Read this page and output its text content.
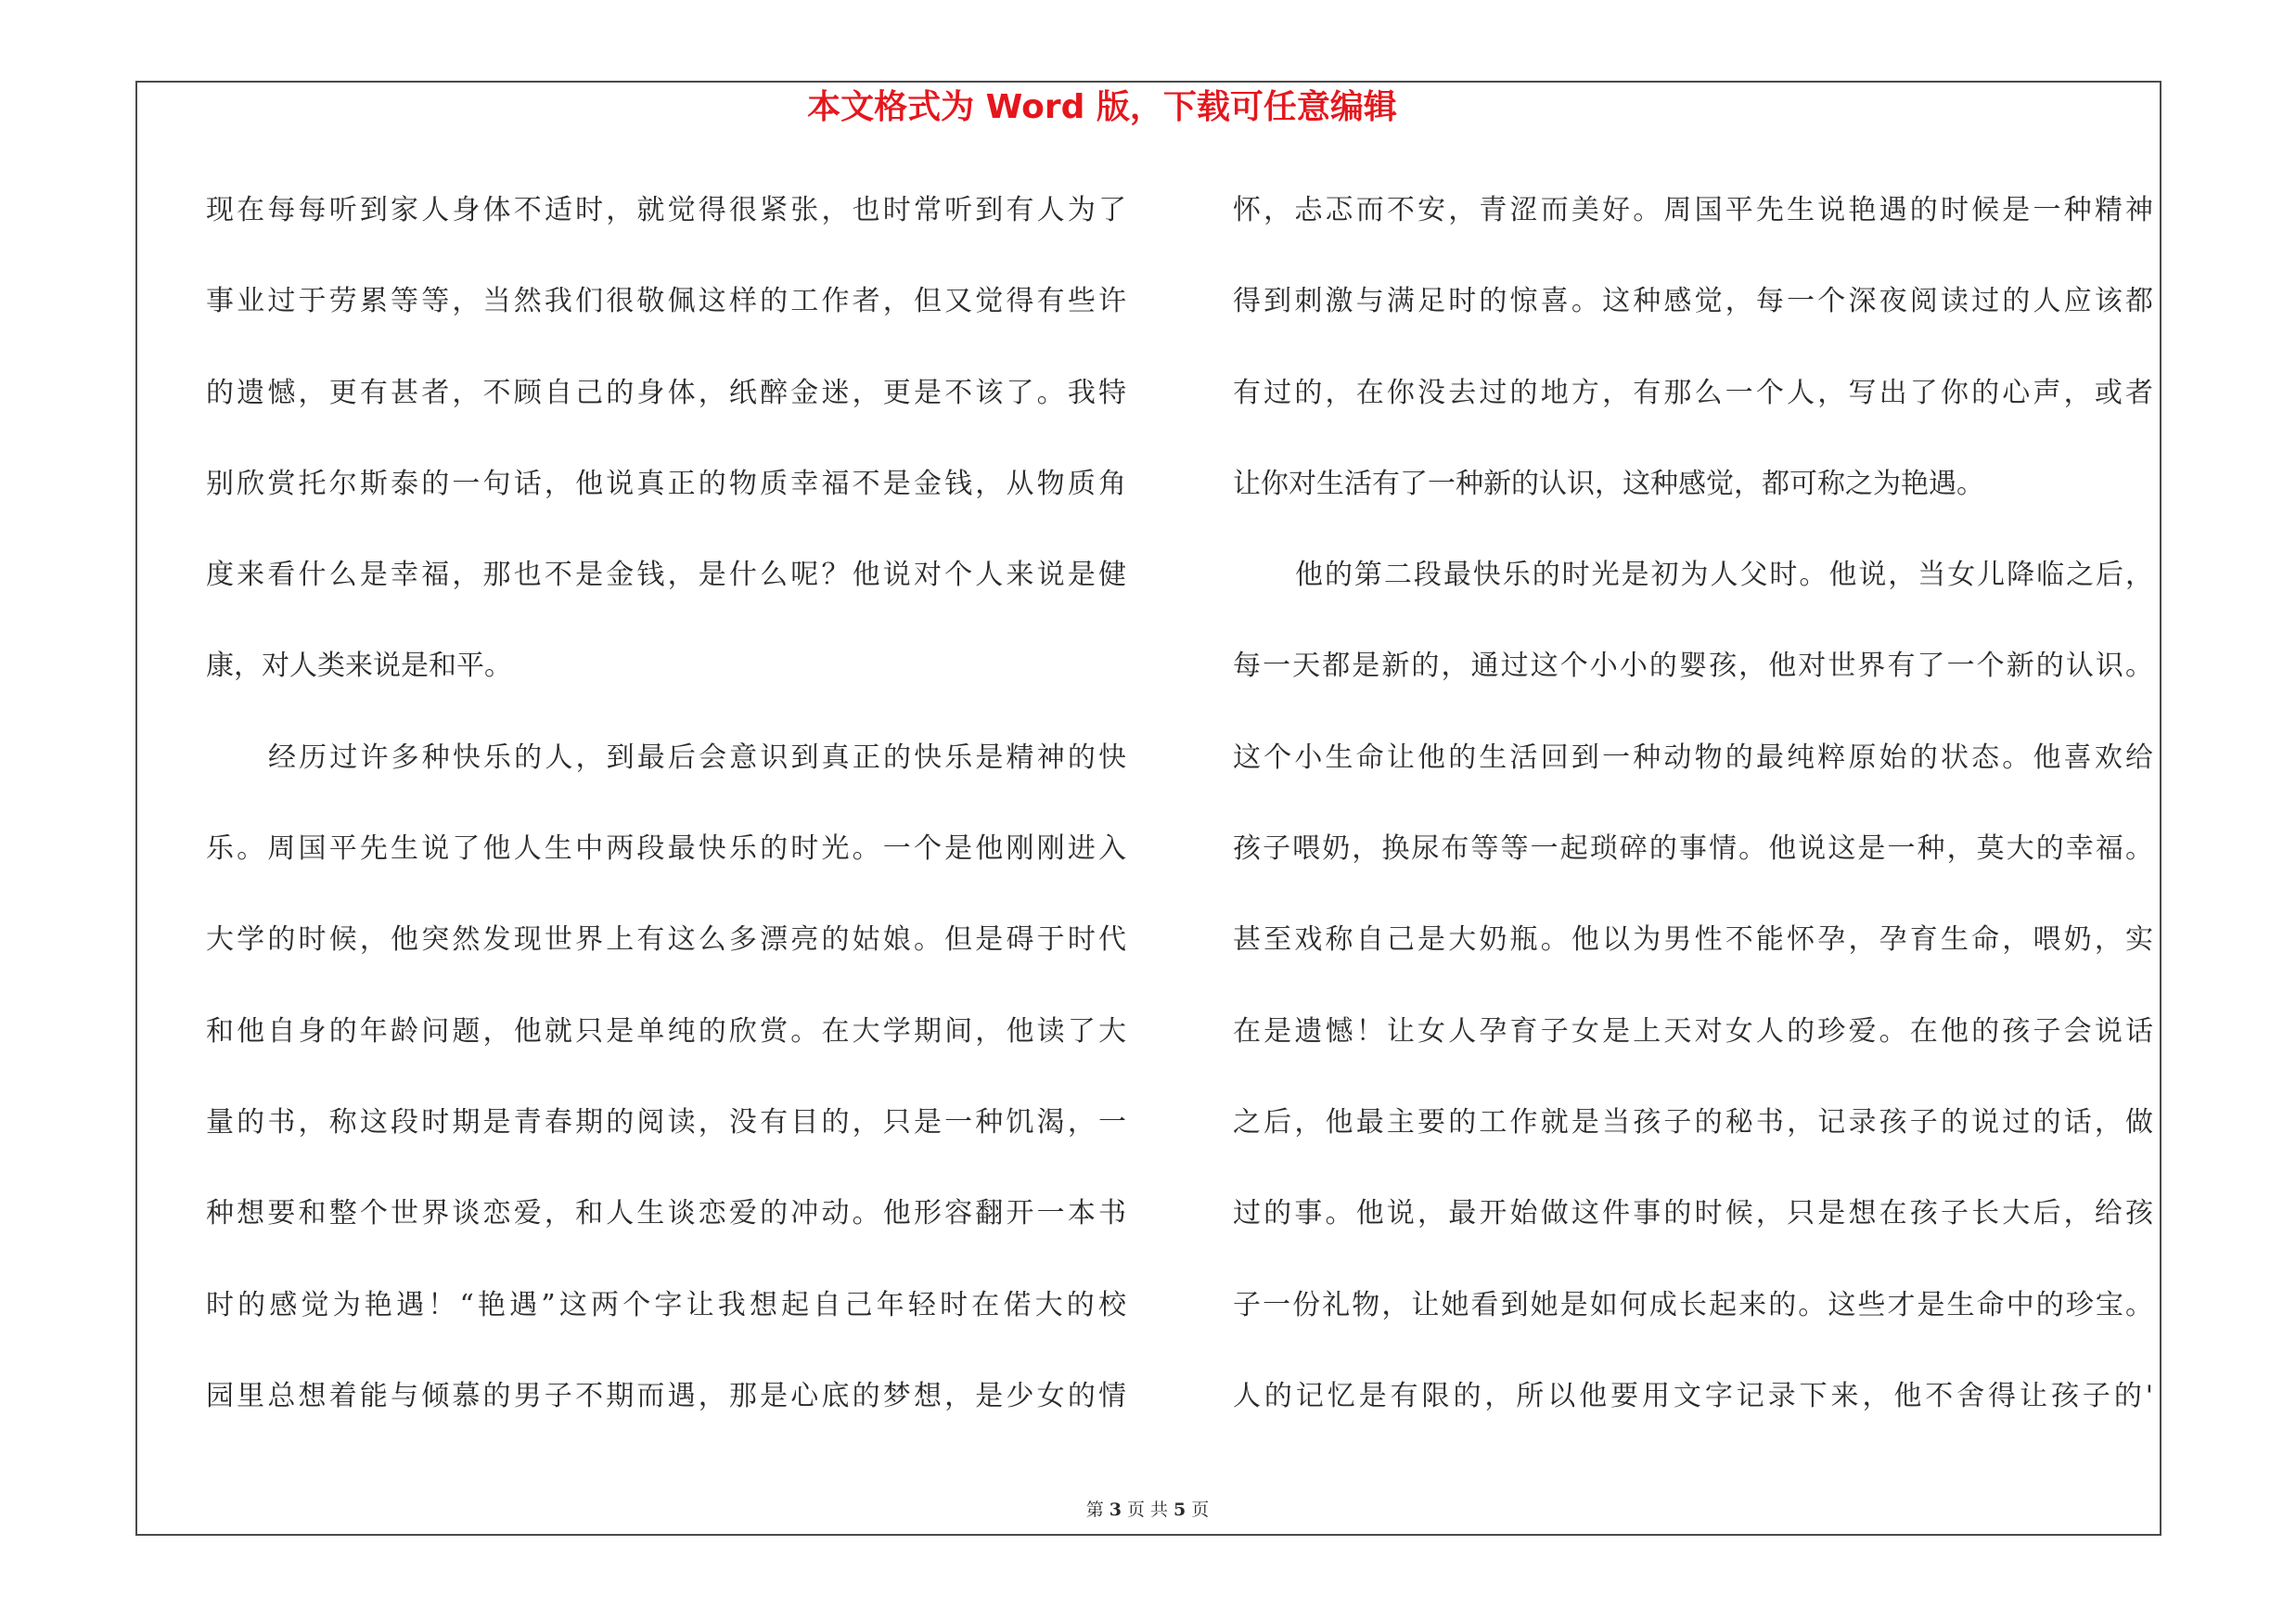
本文格式为 Word 版，下载可任意编辑
现在每每听到家人身体不适时，就觉得很紧张，也时常听到有人为了
事业过于劳累等等，当然我们很敬佩这样的工作者，但又觉得有些许
的遗憾，更有甚者，不顾自己的身体，纸醉金迷，更是不该了。我特
别欣赏托尔斯泰的一句话，他说真正的物质幸福不是金钱，从物质角
度来看什么是幸福，那也不是金钱，是什么呢？他说对个人来说是健
康，对人类来说是和平。
经历过许多种快乐的人，到最后会意识到真正的快乐是精神的快
乐。周国平先生说了他人生中两段最快乐的时光。一个是他刚刚进入
大学的时候，他突然发现世界上有这么多漂亮的姑娘。但是碍于时代
和他自身的年龄问题，他就只是单纯的欣赏。在大学期间，他读了大
量的书，称这段时期是青春期的阅读，没有目的，只是一种饥渴，一
种想要和整个世界谈恋爱，和人生谈恋爱的冲动。他形容翻开一本书
时的感觉为艳遇！“艳遇”这两个字让我想起自己年轻时在偌大的校
园里总想着能与倾慕的男子不期而遇，那是心底的梦想，是少女的情
怀，忐忑而不安，青涩而美好。周国平先生说艳遇的时候是一种精神
得到刺激与满足时的惊喜。这种感觉，每一个深夜阅读过的人应该都
有过的，在你没去过的地方，有那么一个人，写出了你的心声，或者
让你对生活有了一种新的认识，这种感觉，都可称之为艳遇。
他的第二段最快乐的时光是初为人父时。他说，当女儿降临之后，
每一天都是新的，通过这个小小的婴孩，他对世界有了一个新的认识。
这个小生命让他的生活回到一种动物的最纯粹原始的状态。他喜欢给
孩子喂奶，换尿布等等一起琐碎的事情。他说这是一种，莫大的幸福。
甚至戏称自己是大奶瓶。他以为男性不能怀孕，孕育生命，喂奶，实
在是遗憾！让女人孕育子女是上天对女人的珍爱。在他的孩子会说话
之后，他最主要的工作就是当孩子的秘书，记录孩子的说过的话，做
过的事。他说，最开始做这件事的时候，只是想在孩子长大后，给孩
子一份礼物，让她看到她是如何成长起来的。这些才是生命中的珍宝。
人的记忆是有限的，所以他要用文字记录下来，他不舍得让孩子的'
第 3 页 共 5 页
